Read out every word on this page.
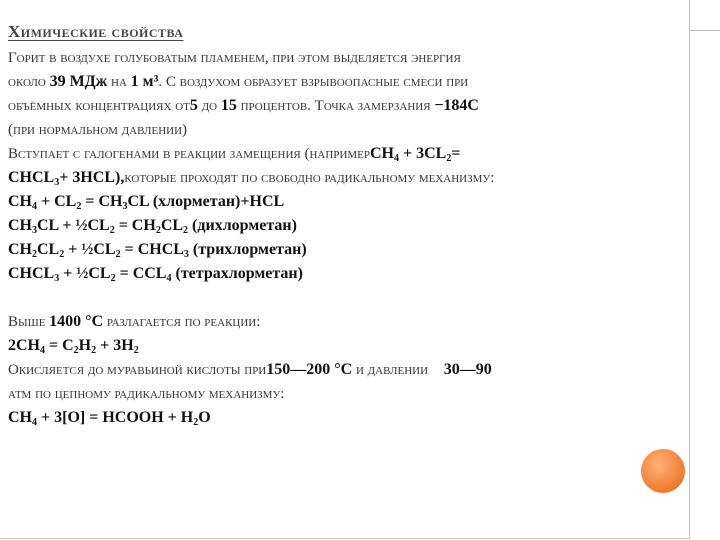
Химические свойства
Горит в воздухе голубоватым пламенем, при этом выделяется энергия
около 39 МДж на 1 м³. С воздухом образует взрывоопасные смеси при
объёмных концентрациях от5 до 15 процентов. Точка замерзания −184С
(при нормальном давлении)
Вступает с галогенами в реакции замещения (напримерCH$_4$ + $3CL_2=$
$CHCL_3+$ 3HCL),которые проходят по свободно радикальному механизму:
$CH_4 + CL_2 = CH_3CL$ (хлорметан)+HCL
$CH_3CL$ + $\frac{1}{2}CL_2 = CH_2CL_2$ (дихлорметан)
$CH_2CL_2$ + $\frac{1}{2}CL_2$ = $CHCL_3$ (трихлорметан)
$CHCL_3$ + $\frac{1}{2}CL_2 = CCL_4$ (тетрахлорметан)
Выше 1400 °C разлагается по реакции:
$2CH_4 = C_2H_2 + 3H_2$
Окисляется до муравьиной кислоты при150—200 °C и давлении 30—90
атм по цепному радикальному механизму:
$CH_4 + 3[O]$ = HCOOH + $H_2O$
